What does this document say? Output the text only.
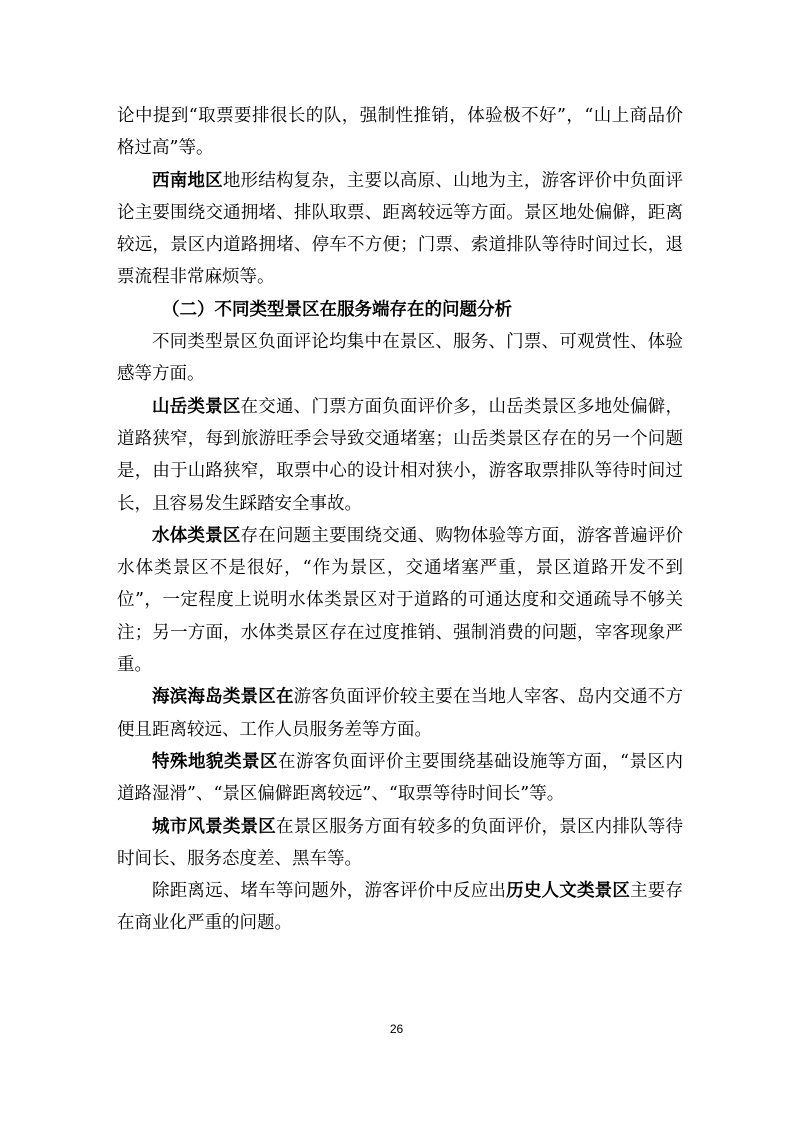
论中提到“取票要排很长的队，强制性推销，体验极不好”，“山上商品价格过高”等。

西南地区地形结构复杂，主要以高原、山地为主，游客评价中负面评论主要围绕交通拥堵、排队取票、距离较远等方面。景区地处偏僻，距离较远，景区内道路拥堵、停车不方便；门票、索道排队等待时间过长，退票流程非常麻烦等。

（二）不同类型景区在服务端存在的问题分析

不同类型景区负面评论均集中在景区、服务、门票、可观赏性、体验感等方面。

山岳类景区在交通、门票方面负面评价多，山岳类景区多地处偏僻，道路狭窄，每到旅游旺季会导致交通堵塞；山岳类景区存在的另一个问题是，由于山路狭窄，取票中心的设计相对狭小，游客取票排队等待时间过长，且容易发生踩踏安全事故。

水体类景区存在问题主要围绕交通、购物体验等方面，游客普遍评价水体类景区不是很好，“作为景区，交通堵塞严重，景区道路开发不到位”，一定程度上说明水体类景区对于道路的可通达度和交通疏导不够关注；另一方面，水体类景区存在过度推销、强制消费的问题，宰客现象严重。

海滨海岛类景区在游客负面评价较主要在当地人宰客、岛内交通不方便且距离较远、工作人员服务差等方面。

特殊地貌类景区在游客负面评价主要围绕基础设施等方面，“景区内道路湿滑”、“景区偏僻距离较远”、“取票等待时间长”等。

城市风景类景区在景区服务方面有较多的负面评价，景区内排队等待时间长、服务态度差、黑车等。

除距离远、堵车等问题外，游客评价中反应出历史人文类景区主要存在商业化严重的问题。

26
